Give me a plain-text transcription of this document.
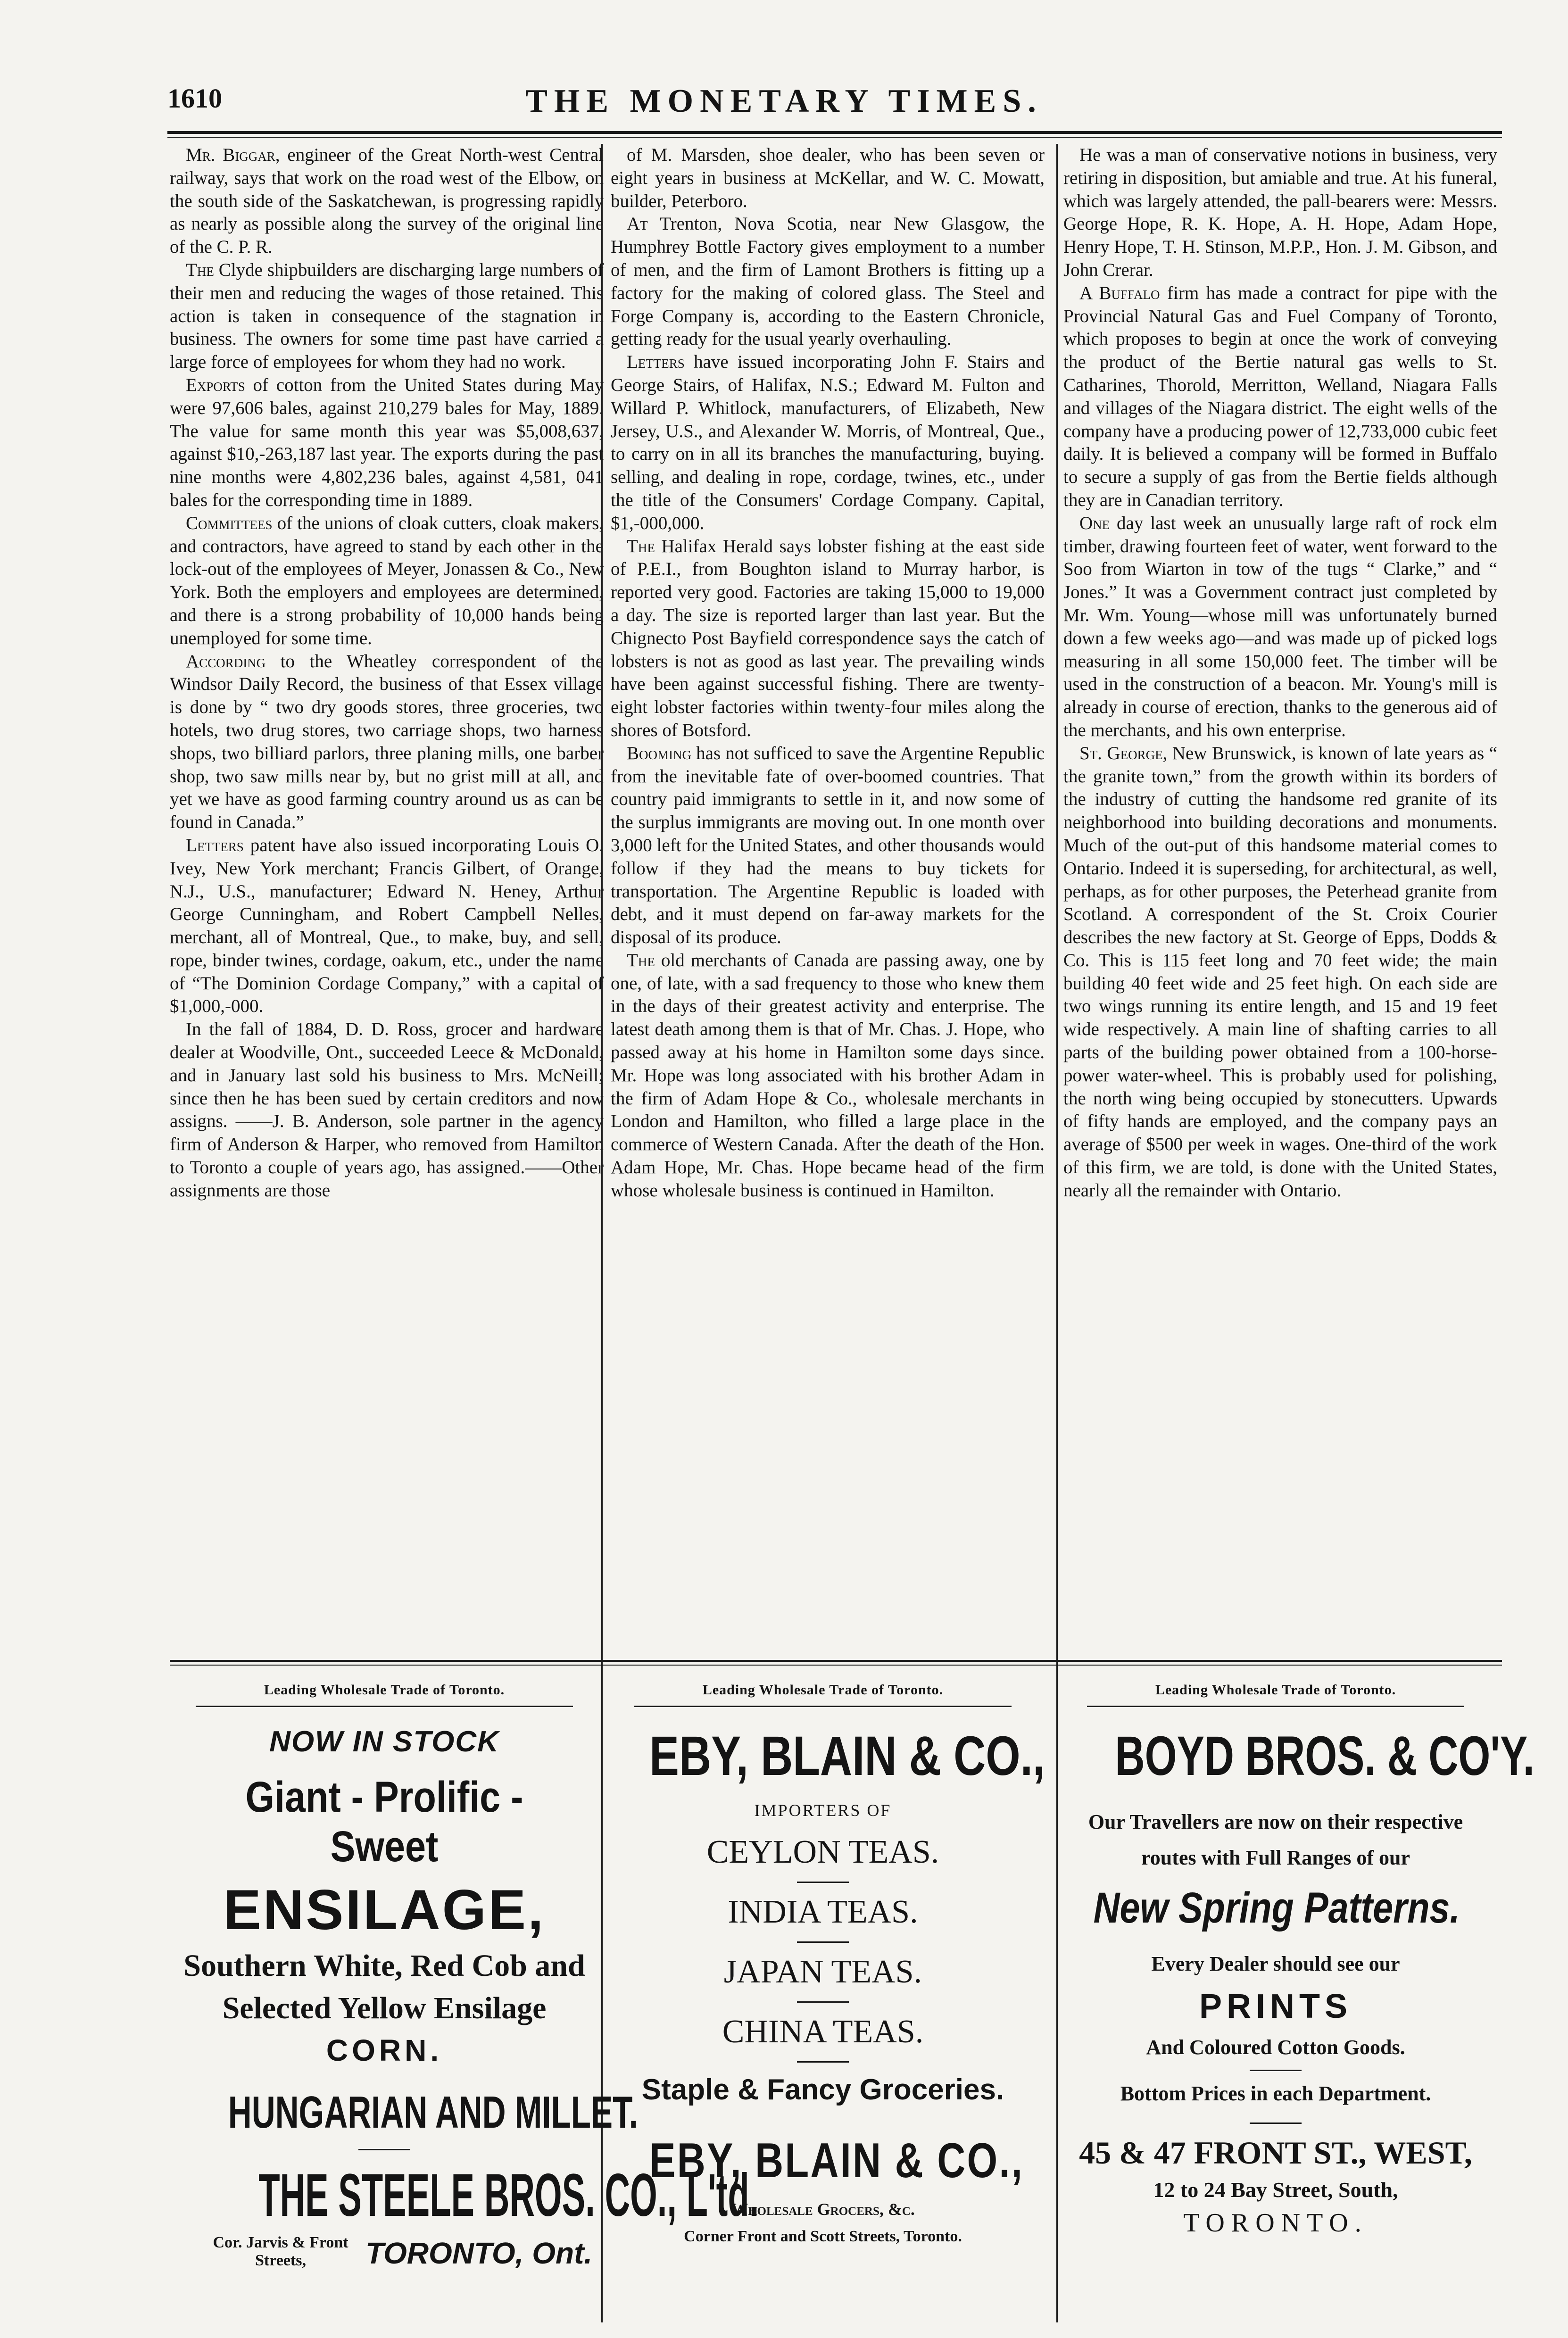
THE MONETARY TIMES.
1610

Mr. Biggar, engineer of the Great North-west Central railway, says that work on the road west of the Elbow, on the south side of the Saskatchewan, is progressing rapidly as nearly as possible along the survey of the original line of the C. P. R.

The Clyde shipbuilders are discharging large numbers of their men and reducing the wages of those retained. This action is taken in consequence of the stagnation in business. The owners for some time past have carried a large force of employees for whom they had no work.

Exports of cotton from the United States during May were 97,606 bales, against 210,279 bales for May, 1889. The value for same month this year was $5,008,637, against $10,-263,187 last year. The exports during the past nine months were 4,802,236 bales, against 4,581, 041 bales for the corresponding time in 1889.

Committees of the unions of cloak cutters, cloak makers, and contractors, have agreed to stand by each other in the lock-out of the employees of Meyer, Jonassen & Co., New York. Both the employers and employees are determined, and there is a strong probability of 10,000 hands being unemployed for some time.

According to the Wheatley correspondent of the Windsor Daily Record, the business of that Essex village is done by “ two dry goods stores, three groceries, two hotels, two drug stores, two carriage shops, two harness shops, two billiard parlors, three planing mills, one barber shop, two saw mills near by, but no grist mill at all, and yet we have as good farming country around us as can be found in Canada.”

Letters patent have also issued incorporating Louis O. Ivey, New York merchant; Francis Gilbert, of Orange, N.J., U.S., manufacturer; Edward N. Heney, Arthur George Cunningham, and Robert Campbell Nelles, merchant, all of Montreal, Que., to make, buy, and sell, rope, binder twines, cordage, oakum, etc., under the name of “The Dominion Cordage Company,” with a capital of $1,000,-000.

In the fall of 1884, D. D. Ross, grocer and hardware dealer at Woodville, Ont., succeeded Leece & McDonald, and in January last sold his business to Mrs. McNeill; since then he has been sued by certain creditors and now assigns. ——J. B. Anderson, sole partner in the agency firm of Anderson & Harper, who removed from Hamilton to Toronto a couple of years ago, has assigned.——Other assignments are those

of M. Marsden, shoe dealer, who has been seven or eight years in business at McKellar, and W. C. Mowatt, builder, Peterboro.

At Trenton, Nova Scotia, near New Glasgow, the Humphrey Bottle Factory gives employment to a number of men, and the firm of Lamont Brothers is fitting up a factory for the making of colored glass. The Steel and Forge Company is, according to the Eastern Chronicle, getting ready for the usual yearly overhauling.

Letters have issued incorporating John F. Stairs and George Stairs, of Halifax, N.S.; Edward M. Fulton and Willard P. Whitlock, manufacturers, of Elizabeth, New Jersey, U.S., and Alexander W. Morris, of Montreal, Que., to carry on in all its branches the manufacturing, buying. selling, and dealing in rope, cordage, twines, etc., under the title of the Consumers' Cordage Company. Capital, $1,-000,000.

The Halifax Herald says lobster fishing at the east side of P.E.I., from Boughton island to Murray harbor, is reported very good. Factories are taking 15,000 to 19,000 a day. The size is reported larger than last year. But the Chignecto Post Bayfield correspondence says the catch of lobsters is not as good as last year. The prevailing winds have been against successful fishing. There are twenty-eight lobster factories within twenty-four miles along the shores of Botsford.

Booming has not sufficed to save the Argentine Republic from the inevitable fate of over-boomed countries. That country paid immigrants to settle in it, and now some of the surplus immigrants are moving out. In one month over 3,000 left for the United States, and other thousands would follow if they had the means to buy tickets for transportation. The Argentine Republic is loaded with debt, and it must depend on far-away markets for the disposal of its produce.

The old merchants of Canada are passing away, one by one, of late, with a sad frequency to those who knew them in the days of their greatest activity and enterprise. The latest death among them is that of Mr. Chas. J. Hope, who passed away at his home in Hamilton some days since. Mr. Hope was long associated with his brother Adam in the firm of Adam Hope & Co., wholesale merchants in London and Hamilton, who filled a large place in the commerce of Western Canada. After the death of the Hon. Adam Hope, Mr. Chas. Hope became head of the firm whose wholesale business is continued in Hamilton.

He was a man of conservative notions in business, very retiring in disposition, but amiable and true. At his funeral, which was largely attended, the pall-bearers were: Messrs. George Hope, R. K. Hope, A. H. Hope, Adam Hope, Henry Hope, T. H. Stinson, M.P.P., Hon. J. M. Gibson, and John Crerar.

A Buffalo firm has made a contract for pipe with the Provincial Natural Gas and Fuel Company of Toronto, which proposes to begin at once the work of conveying the product of the Bertie natural gas wells to St. Catharines, Thorold, Merritton, Welland, Niagara Falls and villages of the Niagara district. The eight wells of the company have a producing power of 12,733,000 cubic feet daily. It is believed a company will be formed in Buffalo to secure a supply of gas from the Bertie fields although they are in Canadian territory.

One day last week an unusually large raft of rock elm timber, drawing fourteen feet of water, went forward to the Soo from Wiarton in tow of the tugs “ Clarke,” and “ Jones.” It was a Government contract just completed by Mr. Wm. Young—whose mill was unfortunately burned down a few weeks ago—and was made up of picked logs measuring in all some 150,000 feet. The timber will be used in the construction of a beacon. Mr. Young's mill is already in course of erection, thanks to the generous aid of the merchants, and his own enterprise.

St. George, New Brunswick, is known of late years as “ the granite town,” from the growth within its borders of the industry of cutting the handsome red granite of its neighborhood into building decorations and monuments. Much of the out-put of this handsome material comes to Ontario. Indeed it is superseding, for architectural, as well, perhaps, as for other purposes, the Peterhead granite from Scotland. A correspondent of the St. Croix Courier describes the new factory at St. George of Epps, Dodds & Co. This is 115 feet long and 70 feet wide; the main building 40 feet wide and 25 feet high. On each side are two wings running its entire length, and 15 and 19 feet wide respectively. A main line of shafting carries to all parts of the building power obtained from a 100-horse-power water-wheel. This is probably used for polishing, the north wing being occupied by stonecutters. Upwards of fifty hands are employed, and the company pays an average of $500 per week in wages. One-third of the work of this firm, we are told, is done with the United States, nearly all the remainder with Ontario.

Leading Wholesale Trade of Toronto.
NOW IN STOCK
Giant - Prolific - Sweet
ENSILAGE,
Southern White, Red Cob and
Selected Yellow Ensilage
CORN.
HUNGARIAN AND MILLET.
THE STEELE BROS. CO., L'td.
Cor. Jarvis & Front Streets,	TORONTO, Ont.
Leading Wholesale Trade of Toronto.
EBY, BLAIN & CO.,
IMPORTERS OF
CEYLON TEAS.
INDIA TEAS.
JAPAN TEAS.
CHINA TEAS.
Staple & Fancy Groceries.
EBY, BLAIN & CO.,
Wholesale Grocers, &c.
Corner Front and Scott Streets, Toronto.
Leading Wholesale Trade of Toronto.
BOYD BROS. & CO'Y.
Our Travellers are now on their respective routes with Full Ranges of our
New Spring Patterns.
Every Dealer should see our
PRINTS
And Coloured Cotton Goods.
Bottom Prices in each Department.
45 & 47 FRONT ST., WEST,
12 to 24 Bay Street, South,
TORONTO.
